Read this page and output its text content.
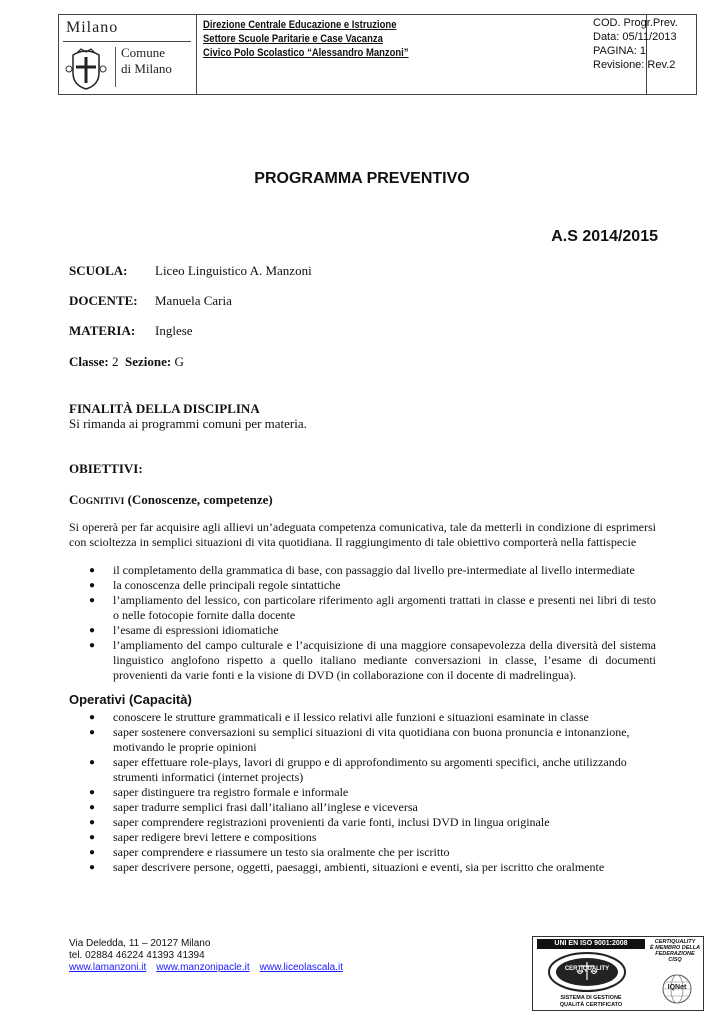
Milano
Comune
di Milano
Direzione Centrale Educazione e Istruzione
Settore Scuole Paritarie e Case Vacanza
Civico Polo Scolastico “Alessandro Manzoni”
COD. Progr.Prev.
Data: 05/11/2013
PAGINA: 1
Revisione: Rev.2
PROGRAMMA PREVENTIVO
A.S 2014/2015
SCUOLA: Liceo Linguistico A. Manzoni
DOCENTE: Manuela Caria
MATERIA: Inglese
Classe: 2 Sezione: G
FINALITÀ DELLA DISCIPLINA
Si rimanda ai programmi comuni per materia.
OBIETTIVI:
COGNITIVI (Conoscenze, competenze)
Si opererà per far acquisire agli allievi un’adeguata competenza comunicativa, tale da metterli in condizione di esprimersi con scioltezza in semplici situazioni di vita quotidiana. Il raggiungimento di tale obiettivo comporterà nella fattispecie
●	il completamento della grammatica di base, con passaggio dal livello pre-intermediate al livello intermediate
●	la conoscenza delle principali regole sintattiche
●	l’ampliamento del lessico, con particolare riferimento agli argomenti trattati in classe e presenti nei libri di testo o nelle fotocopie fornite dalla docente
●	l’esame di espressioni idiomatiche
●	l’ampliamento del campo culturale e l’acquisizione di una maggiore consapevolezza della diversità del sistema linguistico anglofono rispetto a quello italiano mediante conversazioni in classe, l’esame di documenti provenienti da varie fonti e la visione di DVD (in collaborazione con il docente di madrelingua).
Operativi (Capacità)
●	conoscere le strutture grammaticali e il lessico relativi alle funzioni e situazioni esaminate in classe
●	saper sostenere conversazioni su semplici situazioni di vita quotidiana con buona pronuncia e intonanzione, motivando le proprie opinioni
●	saper effettuare role-plays, lavori di gruppo e di approfondimento su argomenti specifici, anche utilizzando strumenti informatici (internet projects)
●	saper distinguere tra registro formale e informale
●	saper tradurre semplici frasi dall’italiano all’inglese e viceversa
●	saper comprendere registrazioni provenienti da varie fonti, inclusi DVD in lingua originale
●	saper redigere brevi lettere e compositions
●	saper comprendere e riassumere un testo sia oralmente che per iscritto
●	saper descrivere persone, oggetti, paesaggi, ambienti, situazioni e eventi, sia per iscritto che oralmente
Via Deledda, 11 – 20127 Milano
tel. 02884 46224 41393 41394
www.lamanzoni.it www.manzonipacle.it www.liceolascala.it
UNI EN ISO 9001:2008
CERTIQUALITY
SISTEMA DI GESTIONE
QUALITÀ CERTIFICATO
CERTIQUALITY
È MEMBRO DELLA
FEDERAZIONE CISQ
IQNet
